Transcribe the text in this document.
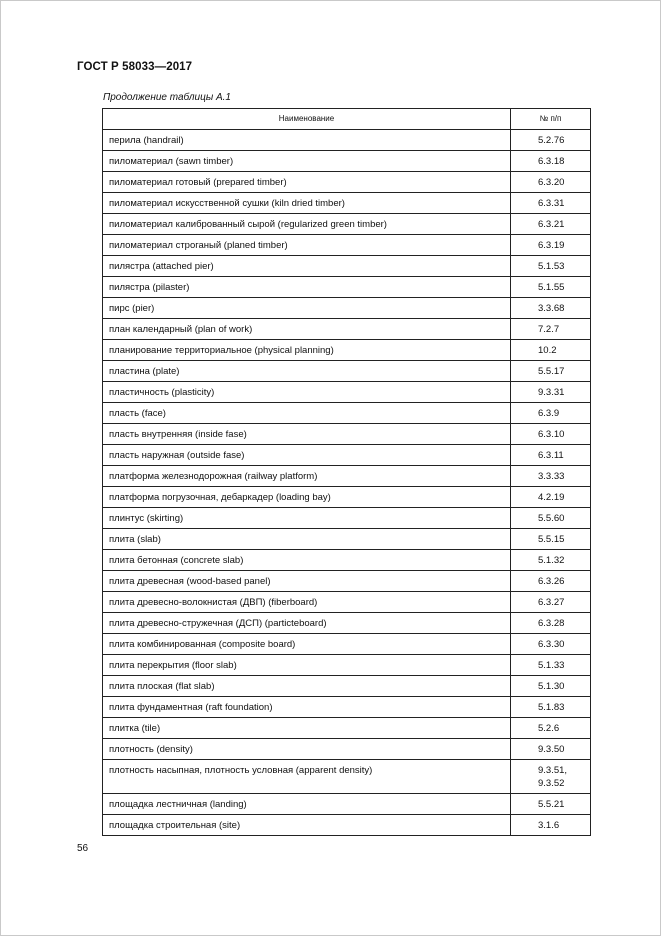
ГОСТ Р 58033—2017
Продолжение таблицы А.1
Наименование	№ п/п
перила (handrail)	5.2.76
пиломатериал (sawn timber)	6.3.18
пиломатериал готовый (prepared timber)	6.3.20
пиломатериал искусственной сушки (kiln dried timber)	6.3.31
пиломатериал калиброванный сырой (regularized green timber)	6.3.21
пиломатериал строганый (planed timber)	6.3.19
пилястра (attached pier)	5.1.53
пилястра (pilaster)	5.1.55
пирс (pier)	3.3.68
план календарный (plan of work)	7.2.7
планирование территориальное (physical planning)	10.2
пластина (plate)	5.5.17
пластичность (plasticity)	9.3.31
пласть (face)	6.3.9
пласть внутренняя (inside fase)	6.3.10
пласть наружная (outside fase)	6.3.11
платформа железнодорожная (railway platform)	3.3.33
платформа погрузочная, дебаркадер (loading bay)	4.2.19
плинтус (skirting)	5.5.60
плита (slab)	5.5.15
плита бетонная (concrete slab)	5.1.32
плита древесная (wood-based panel)	6.3.26
плита древесно-волокнистая (ДВП) (fiberboard)	6.3.27
плита древесно-стружечная (ДСП) (particteboard)	6.3.28
плита комбинированная (composite board)	6.3.30
плита перекрытия (floor slab)	5.1.33
плита плоская (flat slab)	5.1.30
плита фундаментная (raft foundation)	5.1.83
плитка (tile)	5.2.6
плотность (density)	9.3.50
плотность насыпная, плотность условная (apparent density)	9.3.51,
9.3.52
площадка лестничная (landing)	5.5.21
площадка строительная (site)	3.1.6
56
